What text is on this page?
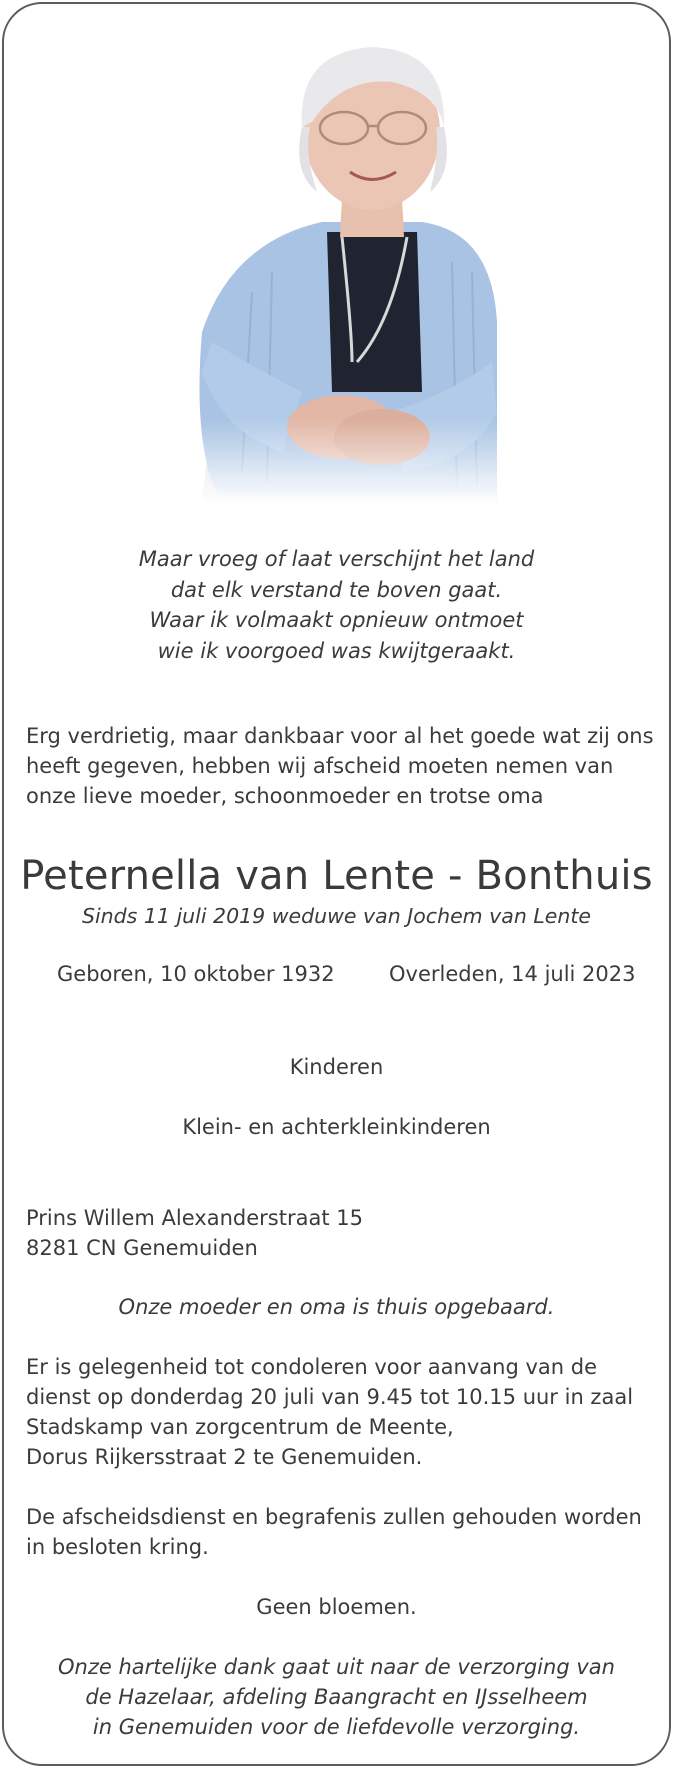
Maar vroeg of laat verschijnt het land
dat elk verstand te boven gaat.
Waar ik volmaakt opnieuw ontmoet
wie ik voorgoed was kwijtgeraakt.
Erg verdrietig, maar dankbaar voor al het goede wat zij ons
heeft gegeven, hebben wij afscheid moeten nemen van
onze lieve moeder, schoonmoeder en trotse oma
Peternella van Lente - Bonthuis
Sinds 11 juli 2019 weduwe van Jochem van Lente
Geboren, 10 oktober 1932	Overleden, 14 juli 2023
Kinderen
Klein- en achterkleinkinderen
Prins Willem Alexanderstraat 15
8281 CN Genemuiden
Onze moeder en oma is thuis opgebaard.
Er is gelegenheid tot condoleren voor aanvang van de
dienst op donderdag 20 juli van 9.45 tot 10.15 uur in zaal
Stadskamp van zorgcentrum de Meente,
Dorus Rijkersstraat 2 te Genemuiden.
De afscheidsdienst en begrafenis zullen gehouden worden
in besloten kring.
Geen bloemen.
Onze hartelijke dank gaat uit naar de verzorging van
de Hazelaar, afdeling Baangracht en IJsselheem
in Genemuiden voor de liefdevolle verzorging.
